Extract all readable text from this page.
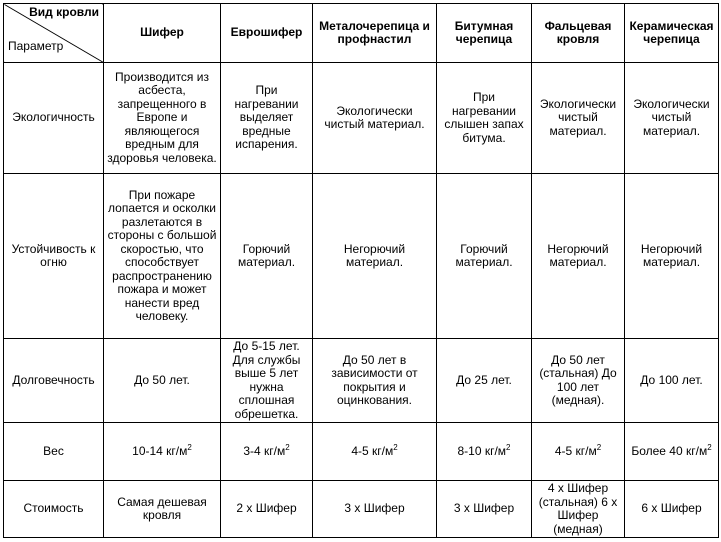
Вид кровли
Параметр	Шифер	Еврошифер	Металочерепица и профнастил	Битумная черепица	Фальцевая кровля	Керамическая черепица
Экологичность	Производится из асбеста, запрещенного в Европе и являющегося вредным для здоровья человека.	При нагревании выделяет вредные испарения.	Экологически чистый материал.	При нагревании слышен запах битума.	Экологически чистый материал.	Экологически чистый материал.
Устойчивость к огню	При пожаре лопается и осколки разлетаются в стороны с большой скоростью, что способствует распространению пожара и может нанести вред человеку.	Горючий материал.	Негорючий материал.	Горючий материал.	Негорючий материал.	Негорючий материал.
Долговечность	До 50 лет.	До 5-15 лет. Для службы выше 5 лет нужна сплошная обрешетка.	До 50 лет в зависимости от покрытия и оцинкования.	До 25 лет.	До 50 лет (стальная) До 100 лет (медная).	До 100 лет.
Вес	10-14 $кг/м^2$	3-4 $кг/м^2$	4-5 $кг/м^2$	8-10 $кг/м^2$	4-5 $кг/м^2$	Более 40 $кг/м^2$
Стоимость	Самая дешевая кровля	2 х Шифер	3 х Шифер	3 х Шифер	4 х Шифер (стальная) 6 х Шифер (медная)	6 х Шифер
